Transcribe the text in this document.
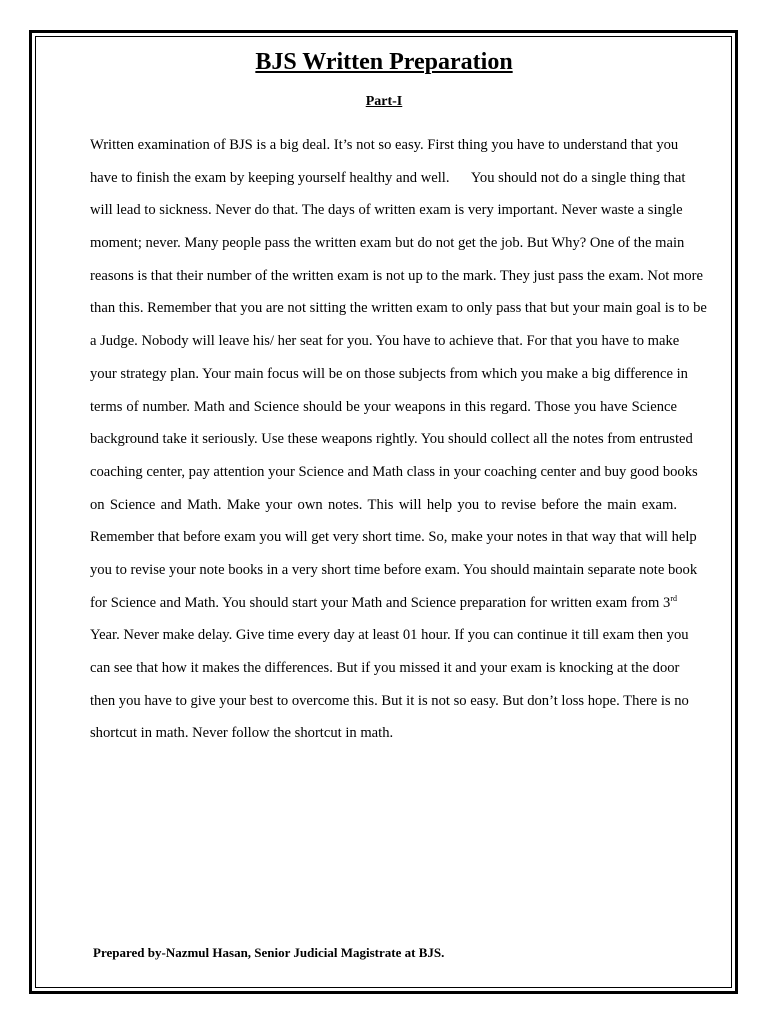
BJS Written Preparation
Part-I
Written examination of BJS is a big deal. It’s not so easy. First thing you have to understand that you
have to finish the exam by keeping yourself healthy and well.      You should not do a single thing that
will lead to sickness. Never do that. The days of written exam is very important. Never waste a single
moment; never. Many people pass the written exam but do not get the job. But Why? One of the main
reasons is that their number of the written exam is not up to the mark. They just pass the exam. Not more
than this. Remember that you are not sitting the written exam to only pass that but your main goal is to be
a Judge. Nobody will leave his/ her seat for you. You have to achieve that. For that you have to make
your strategy plan. Your main focus will be on those subjects from which you make a big difference in
terms of number. Math and Science should be your weapons in this regard. Those you have Science
background take it seriously. Use these weapons rightly. You should collect all the notes from entrusted
coaching center, pay attention your Science and Math class in your coaching center and buy good books
on Science and Math. Make your own notes. This will help you to revise before the main exam.
Remember that before exam you will get very short time. So, make your notes in that way that will help
you to revise your note books in a very short time before exam. You should maintain separate note book
for Science and Math. You should start your Math and Science preparation for written exam from 3rd
Year. Never make delay. Give time every day at least 01 hour. If you can continue it till exam then you
can see that how it makes the differences. But if you missed it and your exam is knocking at the door
then you have to give your best to overcome this. But it is not so easy. But don’t loss hope. There is no
shortcut in math. Never follow the shortcut in math.
Prepared by-Nazmul Hasan, Senior Judicial Magistrate at BJS.
